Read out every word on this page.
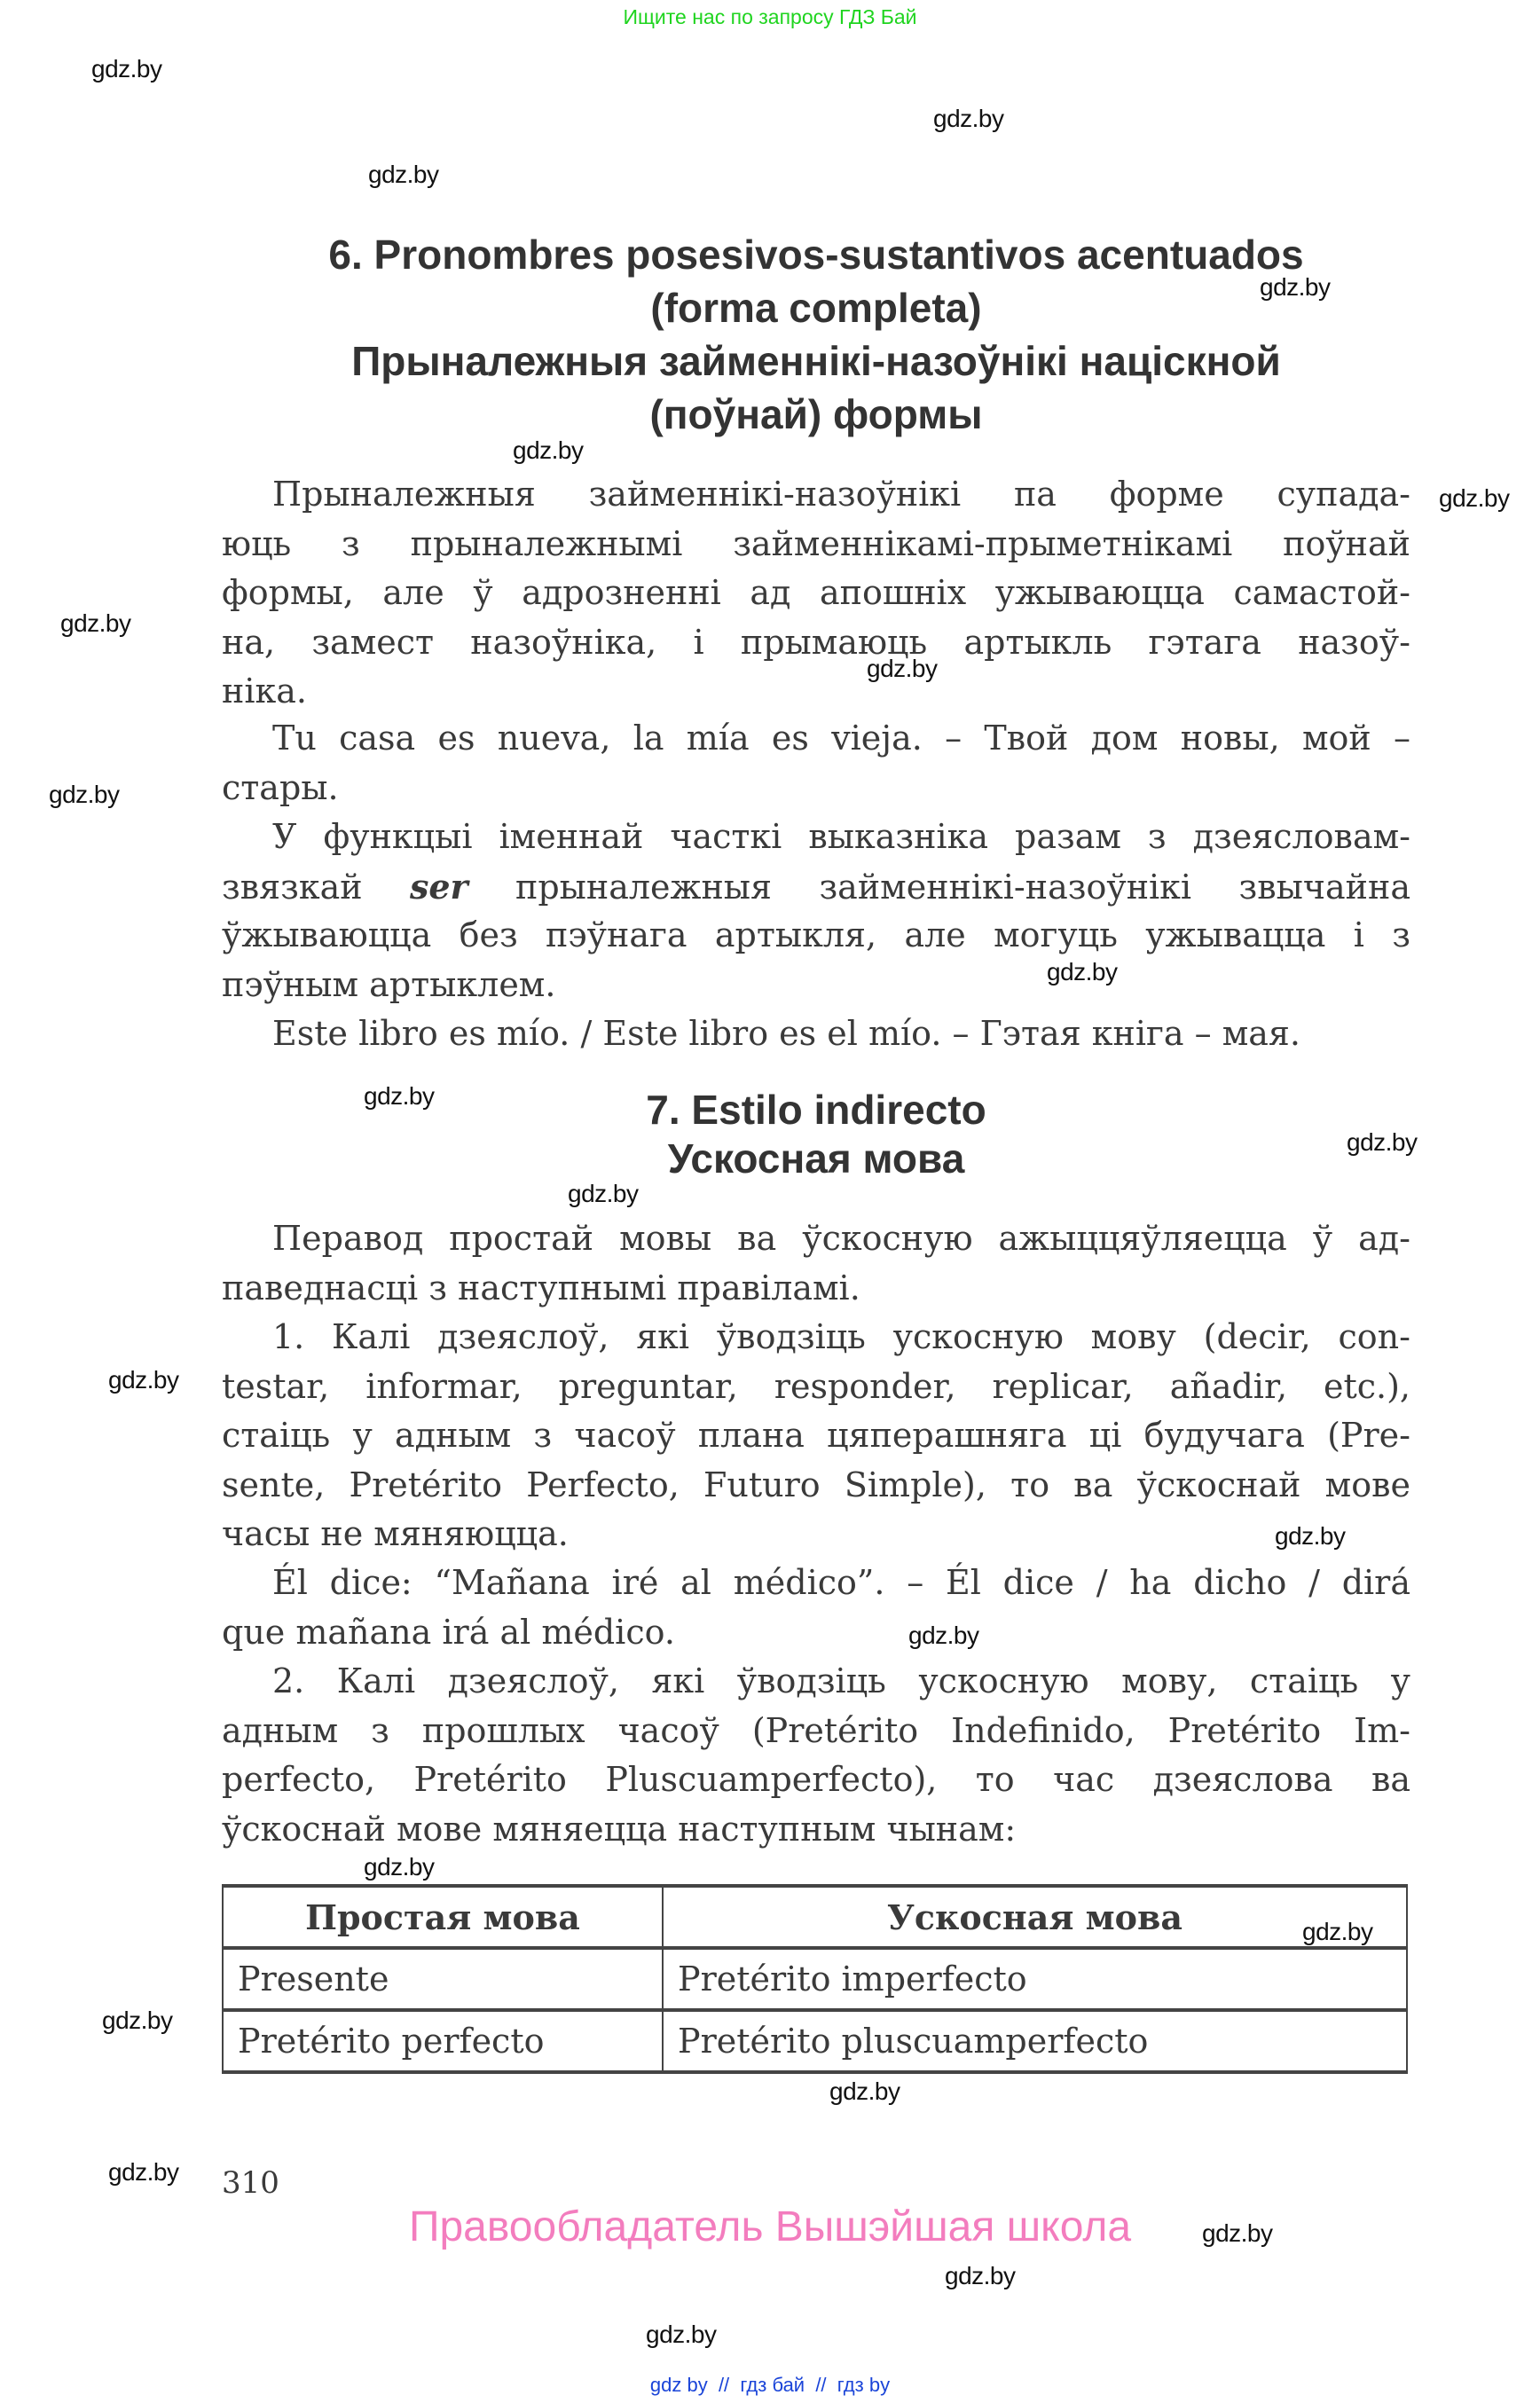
Ищите нас по запросу ГДЗ Бай
6. Pronombres posesivos-sustantivos acentuados
(forma completa)
Прыналежныя займеннікі-назоўнікі націскной
(поўнай) формы
Прыналежныя займеннікі-назоўнікі па форме супада-
юць з прыналежнымі займеннікамі-прыметнікамі поўнай
формы, але ў адрозненні ад апошніх ужываюцца самастой-
на, замест назоўніка, і прымаюць артыкль гэтага назоў-
ніка.
Tu casa es nueva, la mía es vieja. – Твой дом новы, мой –
стары.
У функцыі іменнай часткі выказніка разам з дзеясловам-
звязкай ser прыналежныя займеннікі-назоўнікі звычайна
ўжываюцца без пэўнага артыкля, але могуць ужывацца і з
пэўным артыклем.
Este libro es mío. / Este libro es el mío. – Гэтая кніга – мая.
7. Estilo indirecto
Ускосная мова
Перавод простай мовы ва ўскосную ажыццяўляецца ў ад-
паведнасці з наступнымі правіламі.
1. Калі дзеяслоў, які ўводзіць ускосную мову (decir, con-
testar, informar, preguntar, responder, replicar, añadir, etc.),
стаіць у адным з часоў плана цяперашняга ці будучага (Pre-
sente, Pretérito Perfecto, Futuro Simple), то ва ўскоснай мове
часы не мяняюцца.
Él dice: “Mañana iré al médico”. – Él dice / ha dicho / dirá
que mañana irá al médico.
2. Калі дзеяслоў, які ўводзіць ускосную мову, стаіць у
адным з прошлых часоў (Pretérito Indefinido, Pretérito Im-
perfecto, Pretérito Pluscuamperfecto), то час дзеяслова ва
ўскоснай мове мяняецца наступным чынам:
Простая мова	Ускосная мова
Presente	Pretérito imperfecto
Pretérito perfecto	Pretérito pluscuamperfecto
310
Правообладатель Вышэйшая школа
gdz by  //  гдз бай  //  гдз by
gdz.by
gdz.by
gdz.by
gdz.by
gdz.by
gdz.by
gdz.by
gdz.by
gdz.by
gdz.by
gdz.by
gdz.by
gdz.by
gdz.by
gdz.by
gdz.by
gdz.by
gdz.by
gdz.by
gdz.by
gdz.by
gdz.by
gdz.by
gdz.by
